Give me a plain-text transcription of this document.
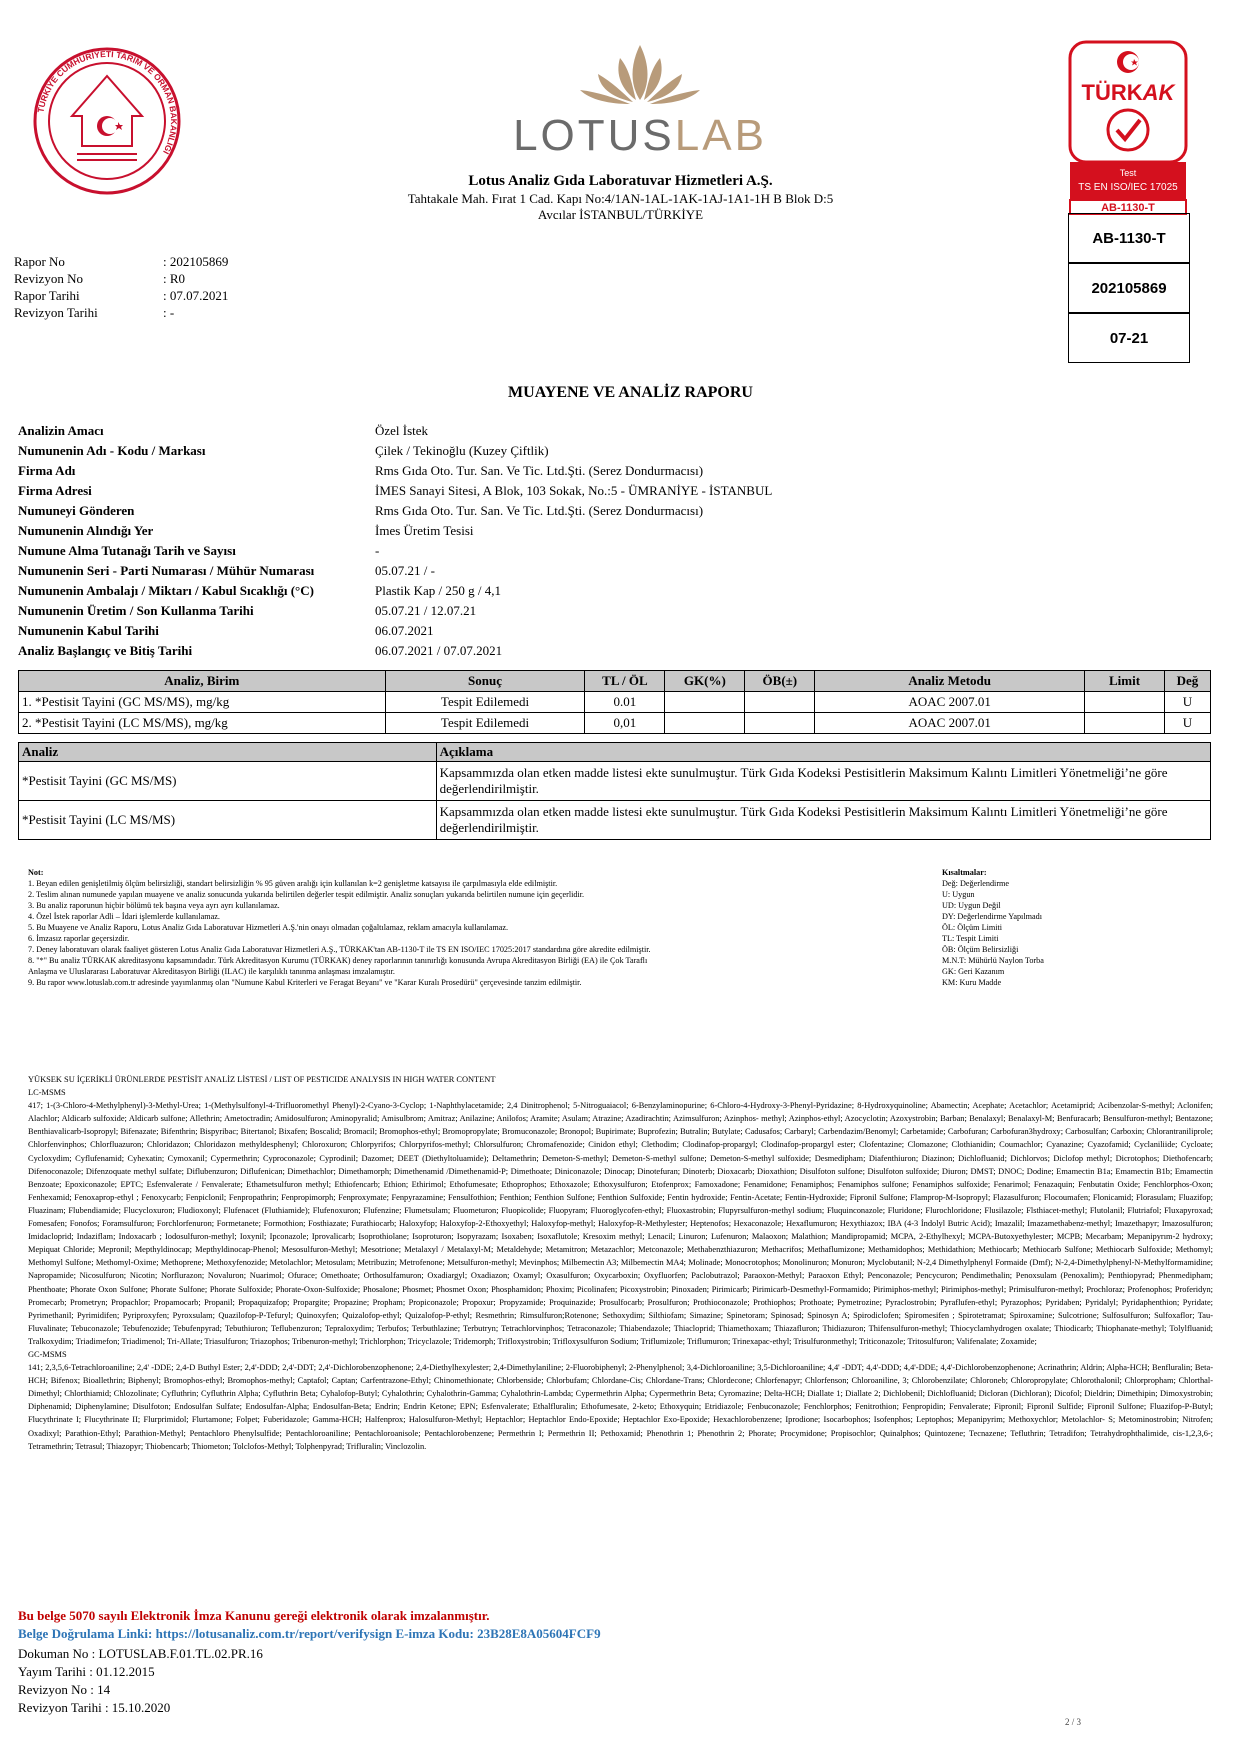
TÜRKİYE CUMHURİYETİ TARIM VE ORMAN BAKANLIĞI	LOTUSLAB
Lotus Analiz Gıda Laboratuvar Hizmetleri A.Ş.
Tahtakale Mah. Fırat 1 Cad. Kapı No:4/1AN-1AL-1AK-1AJ-1A1-1H B Blok D:5
Avcılar İSTANBUL/TÜRKİYE
TÜRKAK
Test
TS EN ISO/IEC 17025
AB-1130-T
AB-1130-T
202105869
07-21
Rapor No	: 202105869
Revizyon No	: R0
Rapor Tarihi	: 07.07.2021
Revizyon Tarihi	: -
MUAYENE VE ANALİZ RAPORU
Analizin Amacı	Özel İstek
Numunenin Adı - Kodu / Markası	Çilek / Tekinoğlu (Kuzey Çiftlik)
Firma Adı	Rms Gıda Oto. Tur. San. Ve Tic. Ltd.Şti. (Serez Dondurmacısı)
Firma Adresi	İMES Sanayi Sitesi, A Blok, 103 Sokak, No.:5 - ÜMRANİYE - İSTANBUL
Numuneyi Gönderen	Rms Gıda Oto. Tur. San. Ve Tic. Ltd.Şti. (Serez Dondurmacısı)
Numunenin Alındığı Yer	İmes Üretim Tesisi
Numune Alma Tutanağı Tarih ve Sayısı	-
Numunenin Seri - Parti Numarası / Mühür Numarası	05.07.21 / -
Numunenin Ambalajı / Miktarı / Kabul Sıcaklığı (°C)	Plastik Kap / 250 g / 4,1
Numunenin Üretim / Son Kullanma Tarihi	05.07.21 / 12.07.21
Numunenin Kabul Tarihi	06.07.2021
Analiz Başlangıç ve Bitiş Tarihi	06.07.2021 / 07.07.2021
Analiz, Birim	Sonuç	TL / ÖL	GK(%)	ÖB(±)	Analiz Metodu	Limit	Değ
1. *Pestisit Tayini (GC MS/MS), mg/kg	Tespit Edilemedi	0.01			AOAC 2007.01		U
2. *Pestisit Tayini (LC MS/MS), mg/kg	Tespit Edilemedi	0,01			AOAC 2007.01		U
Analiz	Açıklama
*Pestisit Tayini (GC MS/MS)	Kapsammızda olan etken madde listesi ekte sunulmuştur. Türk Gıda Kodeksi Pestisitlerin Maksimum Kalıntı Limitleri Yönetmeliği’ne göre değerlendirilmiştir.
*Pestisit Tayini (LC MS/MS)	Kapsammızda olan etken madde listesi ekte sunulmuştur. Türk Gıda Kodeksi Pestisitlerin Maksimum Kalıntı Limitleri Yönetmeliği’ne göre değerlendirilmiştir.
Not:
1. Beyan edilen genişletilmiş ölçüm belirsizliği, standart belirsizliğin % 95 güven aralığı için kullanılan k=2 genişletme katsayısı ile çarpılmasıyla elde edilmiştir.
2. Teslim alınan numunede yapılan muayene ve analiz sonucunda yukarıda belirtilen değerler tespit edilmiştir. Analiz sonuçları yukarıda belirtilen numune için geçerlidir.
3. Bu analiz raporunun hiçbir bölümü tek başına veya ayrı ayrı kullanılamaz.
4. Özel İstek raporlar Adli – İdari işlemlerde kullanılamaz.
5. Bu Muayene ve Analiz Raporu, Lotus Analiz Gıda Laboratuvar Hizmetleri A.Ş.'nin onayı olmadan çoğaltılamaz, reklam amacıyla kullanılamaz.
6. İmzasız raporlar geçersizdir.
7. Deney laboratuvarı olarak faaliyet gösteren Lotus Analiz Gıda Laboratuvar Hizmetleri A.Ş., TÜRKAK'tan AB-1130-T ile TS EN ISO/IEC 17025:2017 standardına göre akredite edilmiştir.
8. "*" Bu analiz TÜRKAK akreditasyonu kapsamındadır. Türk Akreditasyon Kurumu (TÜRKAK) deney raporlarının tanınırlığı konusunda Avrupa Akreditasyon Birliği (EA) ile Çok Taraflı
Anlaşma ve Uluslararası Laboratuvar Akreditasyon Birliği (ILAC) ile karşılıklı tanınma anlaşması imzalamıştır.
9. Bu rapor www.lotuslab.com.tr adresinde yayımlanmış olan "Numune Kabul Kriterleri ve Feragat Beyanı" ve "Karar Kuralı Prosedürü" çerçevesinde tanzim edilmiştir.
Kısaltmalar:
Değ: Değerlendirme
U: Uygun
UD: Uygun Değil
DY: Değerlendirme Yapılmadı
ÖL: Ölçüm Limiti
TL: Tespit Limiti
ÖB: Ölçüm Belirsizliği
M.N.T: Mühürlü Naylon Torba
GK: Geri Kazanım
KM: Kuru Madde
YÜKSEK SU İÇERİKLİ ÜRÜNLERDE PESTİSİT ANALİZ LİSTESİ / LIST OF PESTICIDE ANALYSIS IN HIGH WATER CONTENT
LC-MSMS
417; 1-(3-Chloro-4-Methylphenyl)-3-Methyl-Urea; 1-(Methylsulfonyl-4-Trifluoromethyl Phenyl)-2-Cyano-3-Cyclop; 1-Naphthylacetamide; 2,4 Dinitrophenol; 5-Nitroguaiacol; 6-Benzylaminopurine; 6-Chloro-4-Hydroxy-3-Phenyl-Pyridazine; 8-Hydroxyquinoline; Abamectin; Acephate; Acetachlor; Acetamiprid; Acibenzolar-S-methyl; Aclonifen; Alachlor; Aldicarb sulfoxide; Aldicarb sulfone; Allethrin; Ametoctradin; Amidosulfuron; Aminopyralid; Amisulbrom; Amitraz; Anilazine; Anilofos; Aramite; Asulam; Atrazine; Azadirachtin; Azimsulfuron; Azinphos- methyl; Azinphos-ethyl; Azocyclotin; Azoxystrobin; Barban; Benalaxyl; Benalaxyl-M; Benfuracarb; Bensulfuron-methyl; Bentazone; Benthiavalicarb-Isopropyl; Bifenazate; Bifenthrin; Bispyribac; Bitertanol; Bixafen; Boscalid; Bromacil; Bromophos-ethyl; Bromopropylate; Bromuconazole; Bronopol; Bupirimate; Buprofezin; Butralin; Butylate; Cadusafos; Carbaryl; Carbendazim/Benomyl; Carbetamide; Carbofuran; Carbofuran3hydroxy; Carbosulfan; Carboxin; Chlorantraniliprole; Chlorfenvinphos; Chlorfluazuron; Chloridazon; Chloridazon methyldesphenyl; Chloroxuron; Chlorpyrifos; Chlorpyrifos-methyl; Chlorsulfuron; Chromafenozide; Cinidon ethyl; Clethodim; Clodinafop-propargyl; Clodinafop-propargyl ester; Clofentazine; Clomazone; Clothianidin; Coumachlor; Cyanazine; Cyazofamid; Cyclaniliide; Cycloate; Cycloxydim; Cyflufenamid; Cyhexatin; Cymoxanil; Cypermethrin; Cyproconazole; Cyprodinil; Dazomet; DEET (Diethyltoluamide); Deltamethrin; Demeton-S-methyl; Demeton-S-methyl sulfone; Demeton-S-methyl sulfoxide; Desmedipham; Diafenthiuron; Diazinon; Dichlofluanid; Dichlorvos; Diclofop methyl; Dicrotophos; Diethofencarb; Difenoconazole; Difenzoquate methyl sulfate; Diflubenzuron; Diflufenican; Dimethachlor; Dimethamorph; Dimethenamid /Dimethenamid-P; Dimethoate; Diniconazole; Dinocap; Dinotefuran; Dinoterb; Dioxacarb; Dioxathion; Disulfoton sulfone; Disulfoton sulfoxide; Diuron; DMST; DNOC; Dodine; Emamectin B1a; Emamectin B1b; Emamectin Benzoate; Epoxiconazole; EPTC; Esfenvalerate / Fenvalerate; Ethametsulfuron methyl; Ethiofencarb; Ethion; Ethirimol; Ethofumesate; Ethoprophos; Ethoxazole; Ethoxysulfuron; Etofenprox; Famoxadone; Fenamidone; Fenamiphos; Fenamiphos sulfone; Fenamiphos sulfoxide; Fenarimol; Fenazaquin; Fenbutatin Oxide; Fenchlorphos-Oxon; Fenhexamid; Fenoxaprop-ethyl ; Fenoxycarb; Fenpiclonil; Fenpropathrin; Fenpropimorph; Fenproxymate; Fenpyrazamine; Fensulfothion; Fenthion; Fenthion Sulfone; Fenthion Sulfoxide; Fentin hydroxide; Fentin-Acetate; Fentin-Hydroxide; Fipronil Sulfone; Flamprop-M-Isopropyl; Flazasulfuron; Flocoumafen; Flonicamid; Florasulam; Fluazifop; Fluazinam; Flubendiamide; Flucycloxuron; Fludioxonyl; Flufenacet (Fluthiamide); Flufenoxuron; Flufenzine; Flumetsulam; Fluometuron; Fluopicolide; Fluopyram; Fluoroglycofen-ethyl; Fluoxastrobin; Flupyrsulfuron-methyl sodium; Fluquinconazole; Fluridone; Flurochloridone; Flusilazole; Flsthiacet-methyl; Flutolanil; Flutriafol; Fluxapyroxad; Fomesafen; Fonofos; Foramsulfuron; Forchlorfenuron; Formetanete; Formothion; Fosthiazate; Furathiocarb; Haloxyfop; Haloxyfop-2-Ethoxyethyl; Haloxyfop-methyl; Haloxyfop-R-Methylester; Heptenofos; Hexaconazole; Hexaflumuron; Hexythiazox; IBA (4-3 İndolyl Butric Acid); Imazalil; Imazamethabenz-methyl; Imazethapyr; Imazosulfuron; Imidacloprid; Indaziflam; Indoxacarb ; Iodosulfuron-methyl; Ioxynil; Ipconazole; Iprovalicarb; Isoprothiolane; Isoproturon; Isopyrazam; Isoxaben; Isoxaflutole; Kresoxim methyl; Lenacil; Linuron; Lufenuron; Malaoxon; Malathion; Mandipropamid; MCPA, 2-Ethylhexyl; MCPA-Butoxyethylester; MCPB; Mecarbam; Mepanipyrım-2 hydroxy; Mepiquat Chloride; Mepronil; Mepthyldinocap; Mepthyldinocap-Phenol; Mesosulfuron-Methyl; Mesotrione; Metalaxyl / Metalaxyl-M; Metaldehyde; Metamitron; Metazachlor; Metconazole; Methabenzthiazuron; Methacrifos; Methaflumizone; Methamidophos; Methidathion; Methiocarb; Methiocarb Sulfone; Methiocarb Sulfoxide; Methomyl; Methomyl Sulfone; Methomyl-Oxime; Methoprene; Methoxyfenozide; Metolachlor; Metosulam; Metribuzin; Metrofenone; Metsulfuron-methyl; Mevinphos; Milbemectin A3; Milbemectin MA4; Molinade; Monocrotophos; Monolinuron; Monuron; Myclobutanil; N-2,4 Dimethylphenyl Formaide (Dmf); N-2,4-Dimethylphenyl-N-Methylformamidine; Napropamide; Nicosulfuron; Nicotin; Norflurazon; Novaluron; Nuarimol; Ofurace; Omethoate; Orthosulfamuron; Oxadiargyl; Oxadiazon; Oxamyl; Oxasulfuron; Oxycarboxin; Oxyfluorfen; Paclobutrazol; Paraoxon-Methyl; Paraoxon Ethyl; Penconazole; Pencycuron; Pendimethalin; Penoxsulam (Penoxalim); Penthiopyrad; Phenmedipham; Phenthoate; Phorate Oxon Sulfone; Phorate Sulfone; Phorate Sulfoxide; Phorate-Oxon-Sulfoxide; Phosalone; Phosmet; Phosmet Oxon; Phosphamidon; Phoxim; Picolinafen; Picoxystrobin; Pinoxaden; Pirimicarb; Pirimicarb-Desmethyl-Formamido; Pirimiphos-methyl; Pirimiphos-methyl; Primisulfuron-methyl; Prochloraz; Profenophos; Proferidyn; Promecarb; Prometryn; Propachlor; Propamocarb; Propanil; Propaquizafop; Propargite; Propazine; Propham; Propiconazole; Propoxur; Propyzamide; Proquinazide; Prosulfocarb; Prosulfuron; Prothioconazole; Prothiophos; Prothoate; Pymetrozine; Pyraclostrobin; Pyraflufen-ethyl; Pyrazophos; Pyridaben; Pyridalyl; Pyridaphenthion; Pyridate; Pyrimethanil; Pyrimidifen; Pyriproxyfen; Pyroxsulam; Quazilofop-P-Tefuryl; Quinoxyfen; Quizalofop-ethyl; Quizalofop-P-ethyl; Resmethrin; Rimsulfuron;Rotenone; Sethoxydim; Silthiofam; Simazine; Spinetoram; Spinosad; Spinosyn A; Spirodiclofen; Spiromesifen ; Spirotetramat; Spiroxamine; Sulcotrione; Sulfosulfuron; Sulfoxaflor; Tau-Fluvalinate; Tebuconazole; Tebufenozide; Tebufenpyrad; Tebuthiuron; Teflubenzuron; Tepraloxydim; Terbufos; Terbuthlazine; Terbutryn; Tetrachlorvinphos; Tetraconazole; Thiabendazole; Thiacloprid; Thiamethoxam; Thiazafluron; Thidiazuron; Thifensulfuron-methyl; Thiocyclamhydrogen oxalate; Thiodicarb; Thiophanate-methyl; Tolylfluanid; Tralkoxydim; Triadimefon; Triadimenol; Tri-Allate; Triasulfuron; Triazophos; Tribenuron-methyl; Trichlorphon; Tricyclazole; Tridemorph; Trifloxystrobin; Trifloxysulfuron Sodium; Triflumizole; Triflumuron; Trinexapac-ethyl; Trisulfuronmethyl; Triticonazole; Tritosulfuron; Valifenalate; Zoxamide;
GC-MSMS
141; 2,3,5,6-Tetrachloroaniline; 2,4' -DDE; 2,4-D Buthyl Ester; 2,4'-DDD; 2,4'-DDT; 2,4'-Dichlorobenzophenone; 2,4-Diethylhexylester; 2,4-Dimethylaniline; 2-Fluorobiphenyl; 2-Phenylphenol; 3,4-Dichloroaniline; 3,5-Dichloroaniline; 4,4' -DDT; 4,4'-DDD; 4,4'-DDE; 4,4'-Dichlorobenzophenone; Acrinathrin; Aldrin; Alpha-HCH; Benfluralin; Beta-HCH; Bifenox; Bioallethrin; Biphenyl; Bromophos-ethyl; Bromophos-methyl; Captafol; Captan; Carfentrazone-Ethyl; Chinomethionate; Chlorbenside; Chlorbufam; Chlordane-Cis; Chlordane-Trans; Chlordecone; Chlorfenapyr; Chlorfenson; Chloroaniline, 3; Chlorobenzilate; Chloroneb; Chloropropylate; Chlorothalonil; Chlorpropham; Chlorthal-Dimethyl; Chlorthiamid; Chlozolinate; Cyfluthrin; Cyfluthrin Alpha; Cyfluthrin Beta; Cyhalofop-Butyl; Cyhalothrin; Cyhalothrin-Gamma; Cyhalothrin-Lambda; Cypermethrin Alpha; Cypermethrin Beta; Cyromazine; Delta-HCH; Diallate 1; Diallate 2; Dichlobenil; Dichlofluanid; Dicloran (Dichloran); Dicofol; Dieldrin; Dimethipin; Dimoxystrobin; Diphenamid; Diphenylamine; Disulfoton; Endosulfan Sulfate; Endosulfan-Alpha; Endosulfan-Beta; Endrin; Endrin Ketone; EPN; Esfenvalerate; Ethalfluralin; Ethofumesate, 2-keto; Ethoxyquin; Etridiazole; Fenbuconazole; Fenchlorphos; Fenitrothion; Fenpropidin; Fenvalerate; Fipronil; Fipronil Sulfide; Fipronil Sulfone; Fluazifop-P-Butyl; Flucythrinate I; Flucythrinate II; Flurprimidol; Flurtamone; Folpet; Fuberidazole; Gamma-HCH; Halfenprox; Halosulfuron-Methyl; Heptachlor; Heptachlor Endo-Epoxide; Heptachlor Exo-Epoxide; Hexachlorobenzene; Iprodione; Isocarbophos; Isofenphos; Leptophos; Mepanipyrim; Methoxychlor; Metolachlor- S; Metominostrobin; Nitrofen; Oxadixyl; Parathion-Ethyl; Parathion-Methyl; Pentachloro Phenylsulfide; Pentachloroaniline; Pentachloroanisole; Pentachlorobenzene; Permethrin I; Permethrin II; Pethoxamid; Phenothrin 1; Phenothrin 2; Phorate; Procymidone; Propisochlor; Quinalphos; Quintozene; Tecnazene; Tefluthrin; Tetradifon; Tetrahydrophthalimide, cis-1,2,3,6-; Tetramethrin; Tetrasul; Thiazopyr; Thiobencarb; Thiometon; Tolclofos-Methyl; Tolphenpyrad; Trifluralin; Vinclozolin.
Bu belge 5070 sayılı Elektronik İmza Kanunu gereği elektronik olarak imzalanmıştır.
Belge Doğrulama Linki: https://lotusanaliz.com.tr/report/verifysign E-imza Kodu: 23B28E8A05604FCF9
Dokuman No : LOTUSLAB.F.01.TL.02.PR.16
Yayım Tarihi : 01.12.2015
Revizyon No : 14
Revizyon Tarihi : 15.10.2020
2 / 3
